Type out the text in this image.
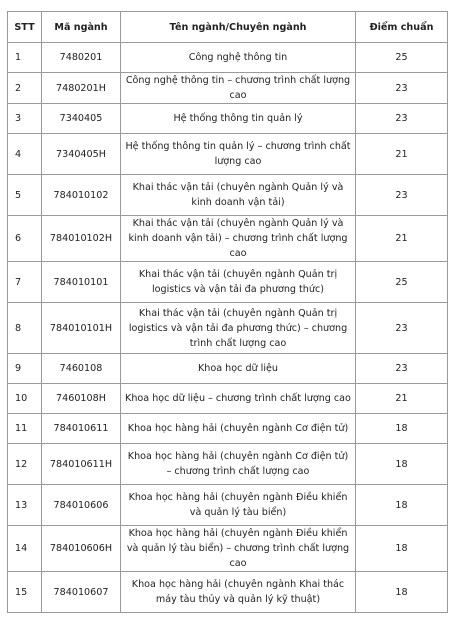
STT	Mã ngành	Tên ngành/Chuyên ngành	Điểm chuẩn
1	7480201	Công nghệ thông tin	25
2	7480201H	Công nghệ thông tin – chương trình chất lượng cao	23
3	7340405	Hệ thống thông tin quản lý	23
4	7340405H	Hệ thống thông tin quản lý – chương trình chất lượng cao	21
5	784010102	Khai thác vận tải (chuyên ngành Quản lý và kinh doanh vận tải)	23
6	784010102H	Khai thác vận tải (chuyên ngành Quản lý và kinh doanh vận tải) – chương trình chất lượng cao	21
7	784010101	Khai thác vận tải (chuyên ngành Quản trị logistics và vận tải đa phương thức)	25
8	784010101H	Khai thác vận tải (chuyên ngành Quản trị logistics và vận tải đa phương thức) – chương trình chất lượng cao	23
9	7460108	Khoa học dữ liệu	23
10	7460108H	Khoa học dữ liệu – chương trình chất lượng cao	21
11	784010611	Khoa học hàng hải (chuyên ngành Cơ điện tử)	18
12	784010611H	Khoa học hàng hải (chuyên ngành Cơ điện tử) – chương trình chất lượng cao	18
13	784010606	Khoa học hàng hải (chuyên ngành Điều khiển và quản lý tàu biển)	18
14	784010606H	Khoa học hàng hải (chuyên ngành Điều khiển và quản lý tàu biển) – chương trình chất lượng cao	18
15	784010607	Khoa học hàng hải (chuyên ngành Khai thác máy tàu thủy và quản lý kỹ thuật)	18
